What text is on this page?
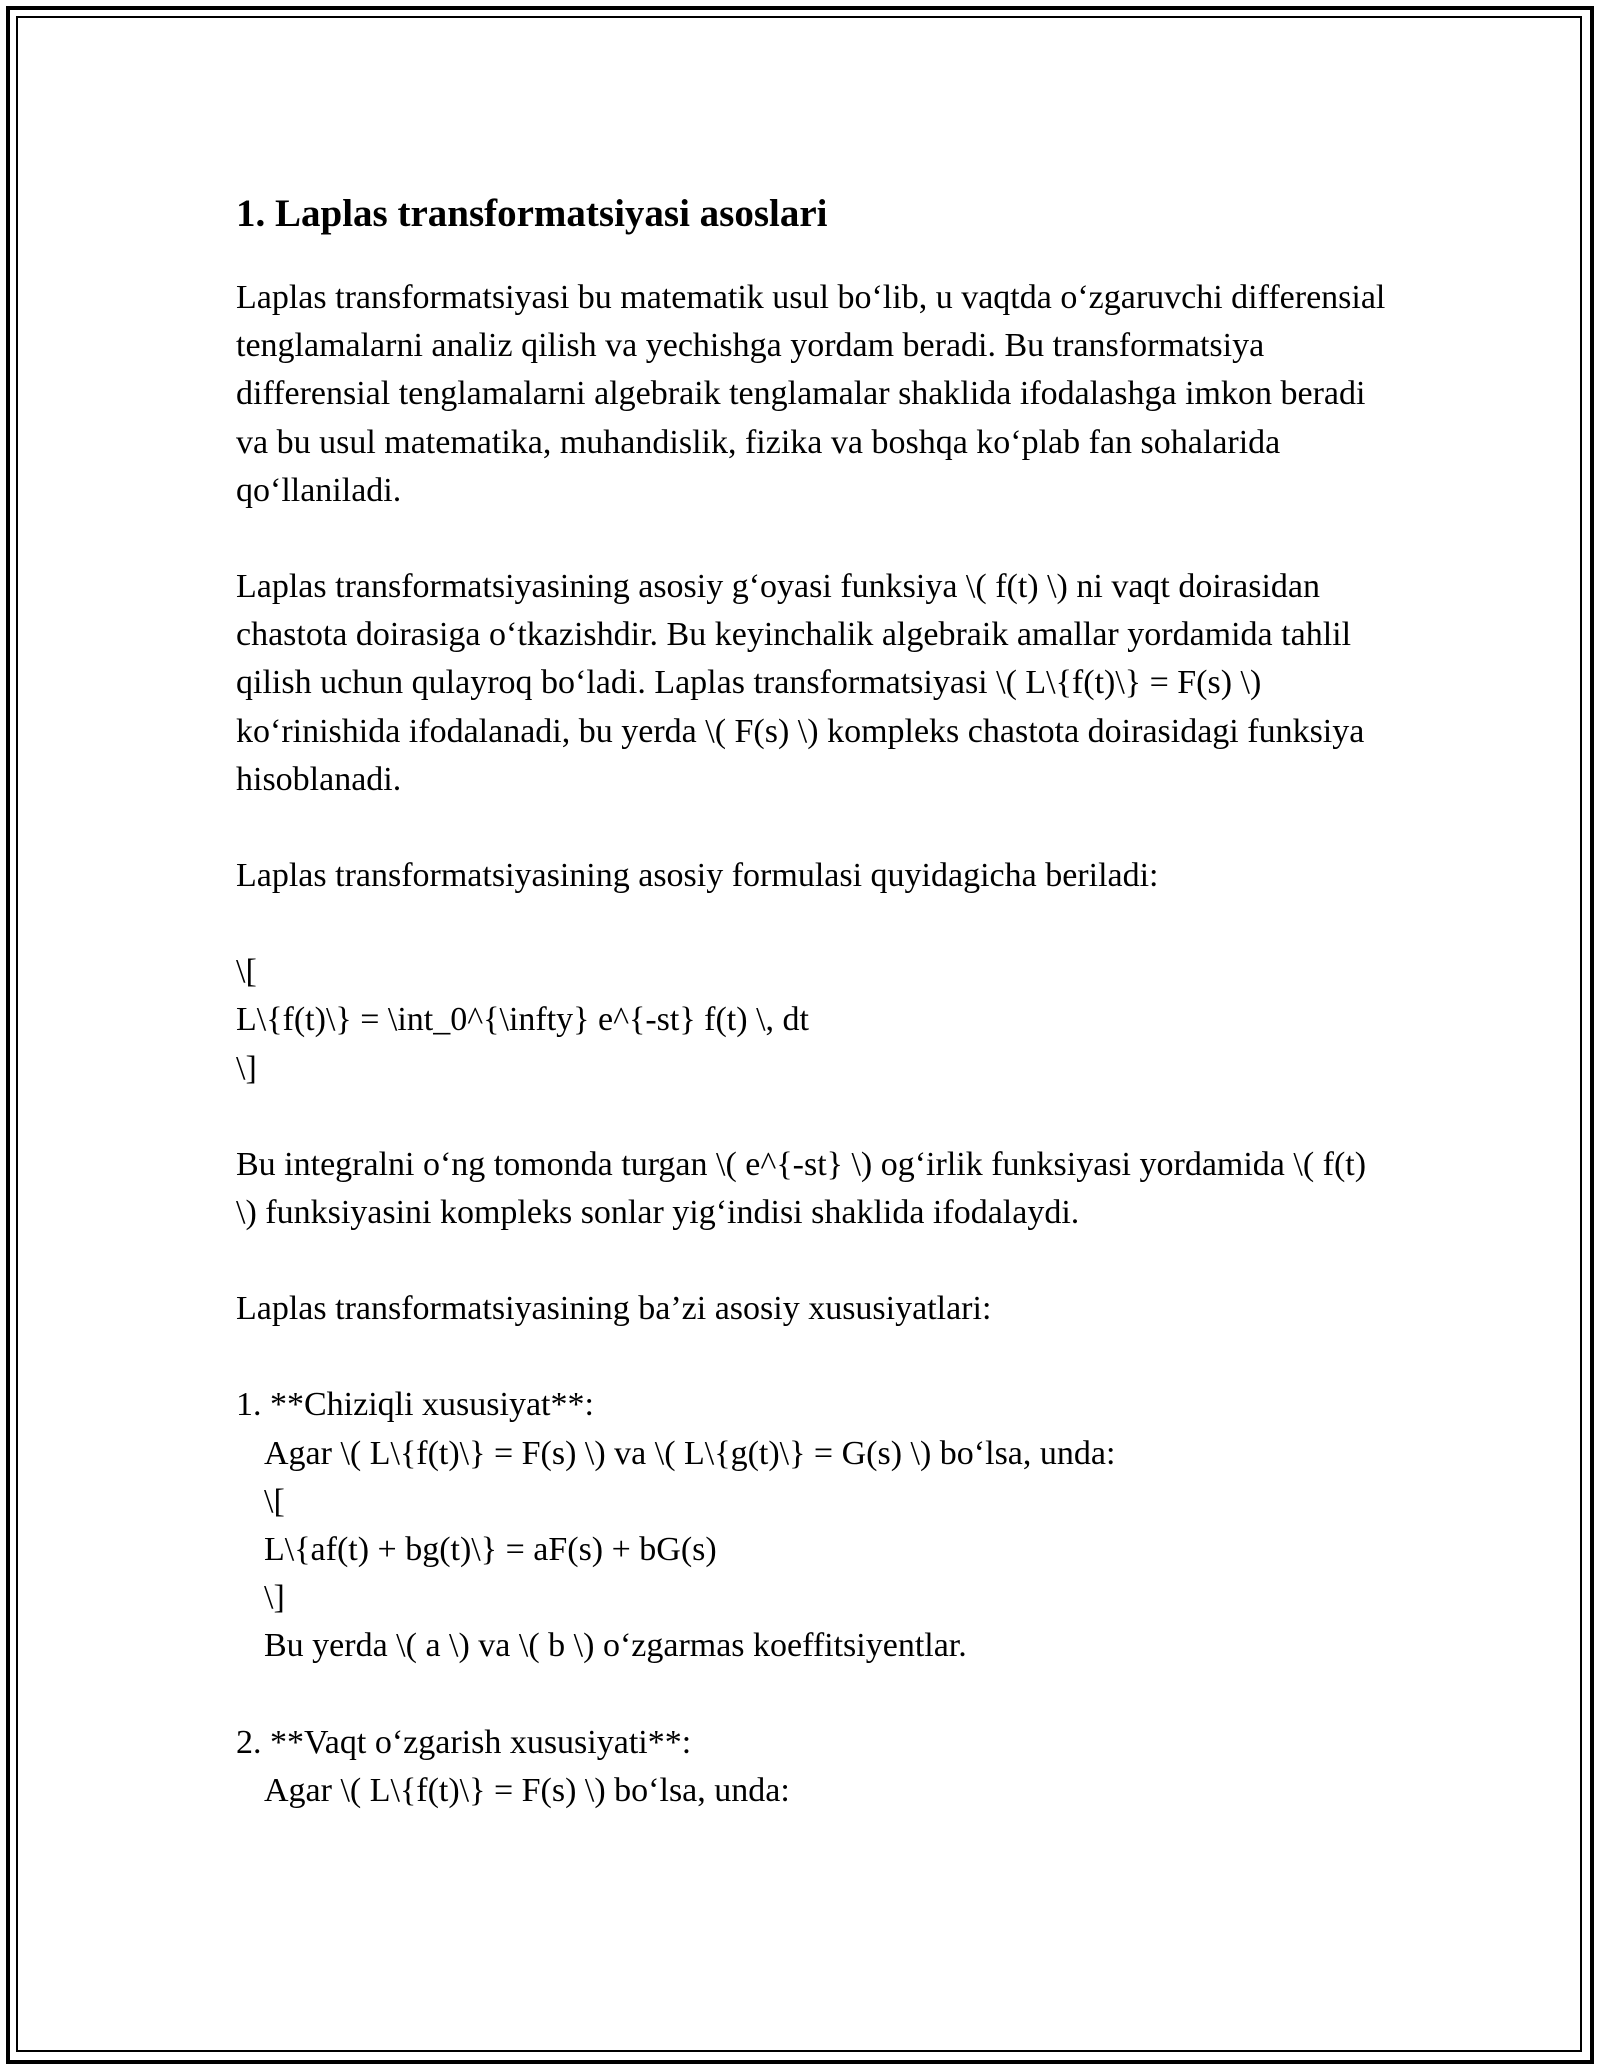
1. Laplas transformatsiyasi asoslari

Laplas transformatsiyasi bu matematik usul bo‘lib, u vaqtda o‘zgaruvchi differensial tenglamalarni analiz qilish va yechishga yordam beradi. Bu transformatsiya differensial tenglamalarni algebraik tenglamalar shaklida ifodalashga imkon beradi va bu usul matematika, muhandislik, fizika va boshqa ko‘plab fan sohalarida qo‘llaniladi.

Laplas transformatsiyasining asosiy g‘oyasi funksiya \( f(t) \) ni vaqt doirasidan chastota doirasiga o‘tkazishdir. Bu keyinchalik algebraik amallar yordamida tahlil qilish uchun qulayroq bo‘ladi. Laplas transformatsiyasi \( L\{f(t)\} = F(s) \) ko‘rinishida ifodalanadi, bu yerda \( F(s) \) kompleks chastota doirasidagi funksiya hisoblanadi.

Laplas transformatsiyasining asosiy formulasi quyidagicha beriladi:

\[
L\{f(t)\} = \int_0^{\infty} e^{-st} f(t) \, dt
\]

Bu integralni o‘ng tomonda turgan \( e^{-st} \) og‘irlik funksiyasi yordamida \( f(t) \) funksiyasini kompleks sonlar yig‘indisi shaklida ifodalaydi.

Laplas transformatsiyasining ba’zi asosiy xususiyatlari:

1. **Chiziqli xususiyat**:
Agar \( L\{f(t)\} = F(s) \) va \( L\{g(t)\} = G(s) \) bo‘lsa, unda:
\[
L\{af(t) + bg(t)\} = aF(s) + bG(s)
\]
Bu yerda \( a \) va \( b \) o‘zgarmas koeffitsiyentlar.
2. **Vaqt o‘zgarish xususiyati**:
Agar \( L\{f(t)\} = F(s) \) bo‘lsa, unda:
